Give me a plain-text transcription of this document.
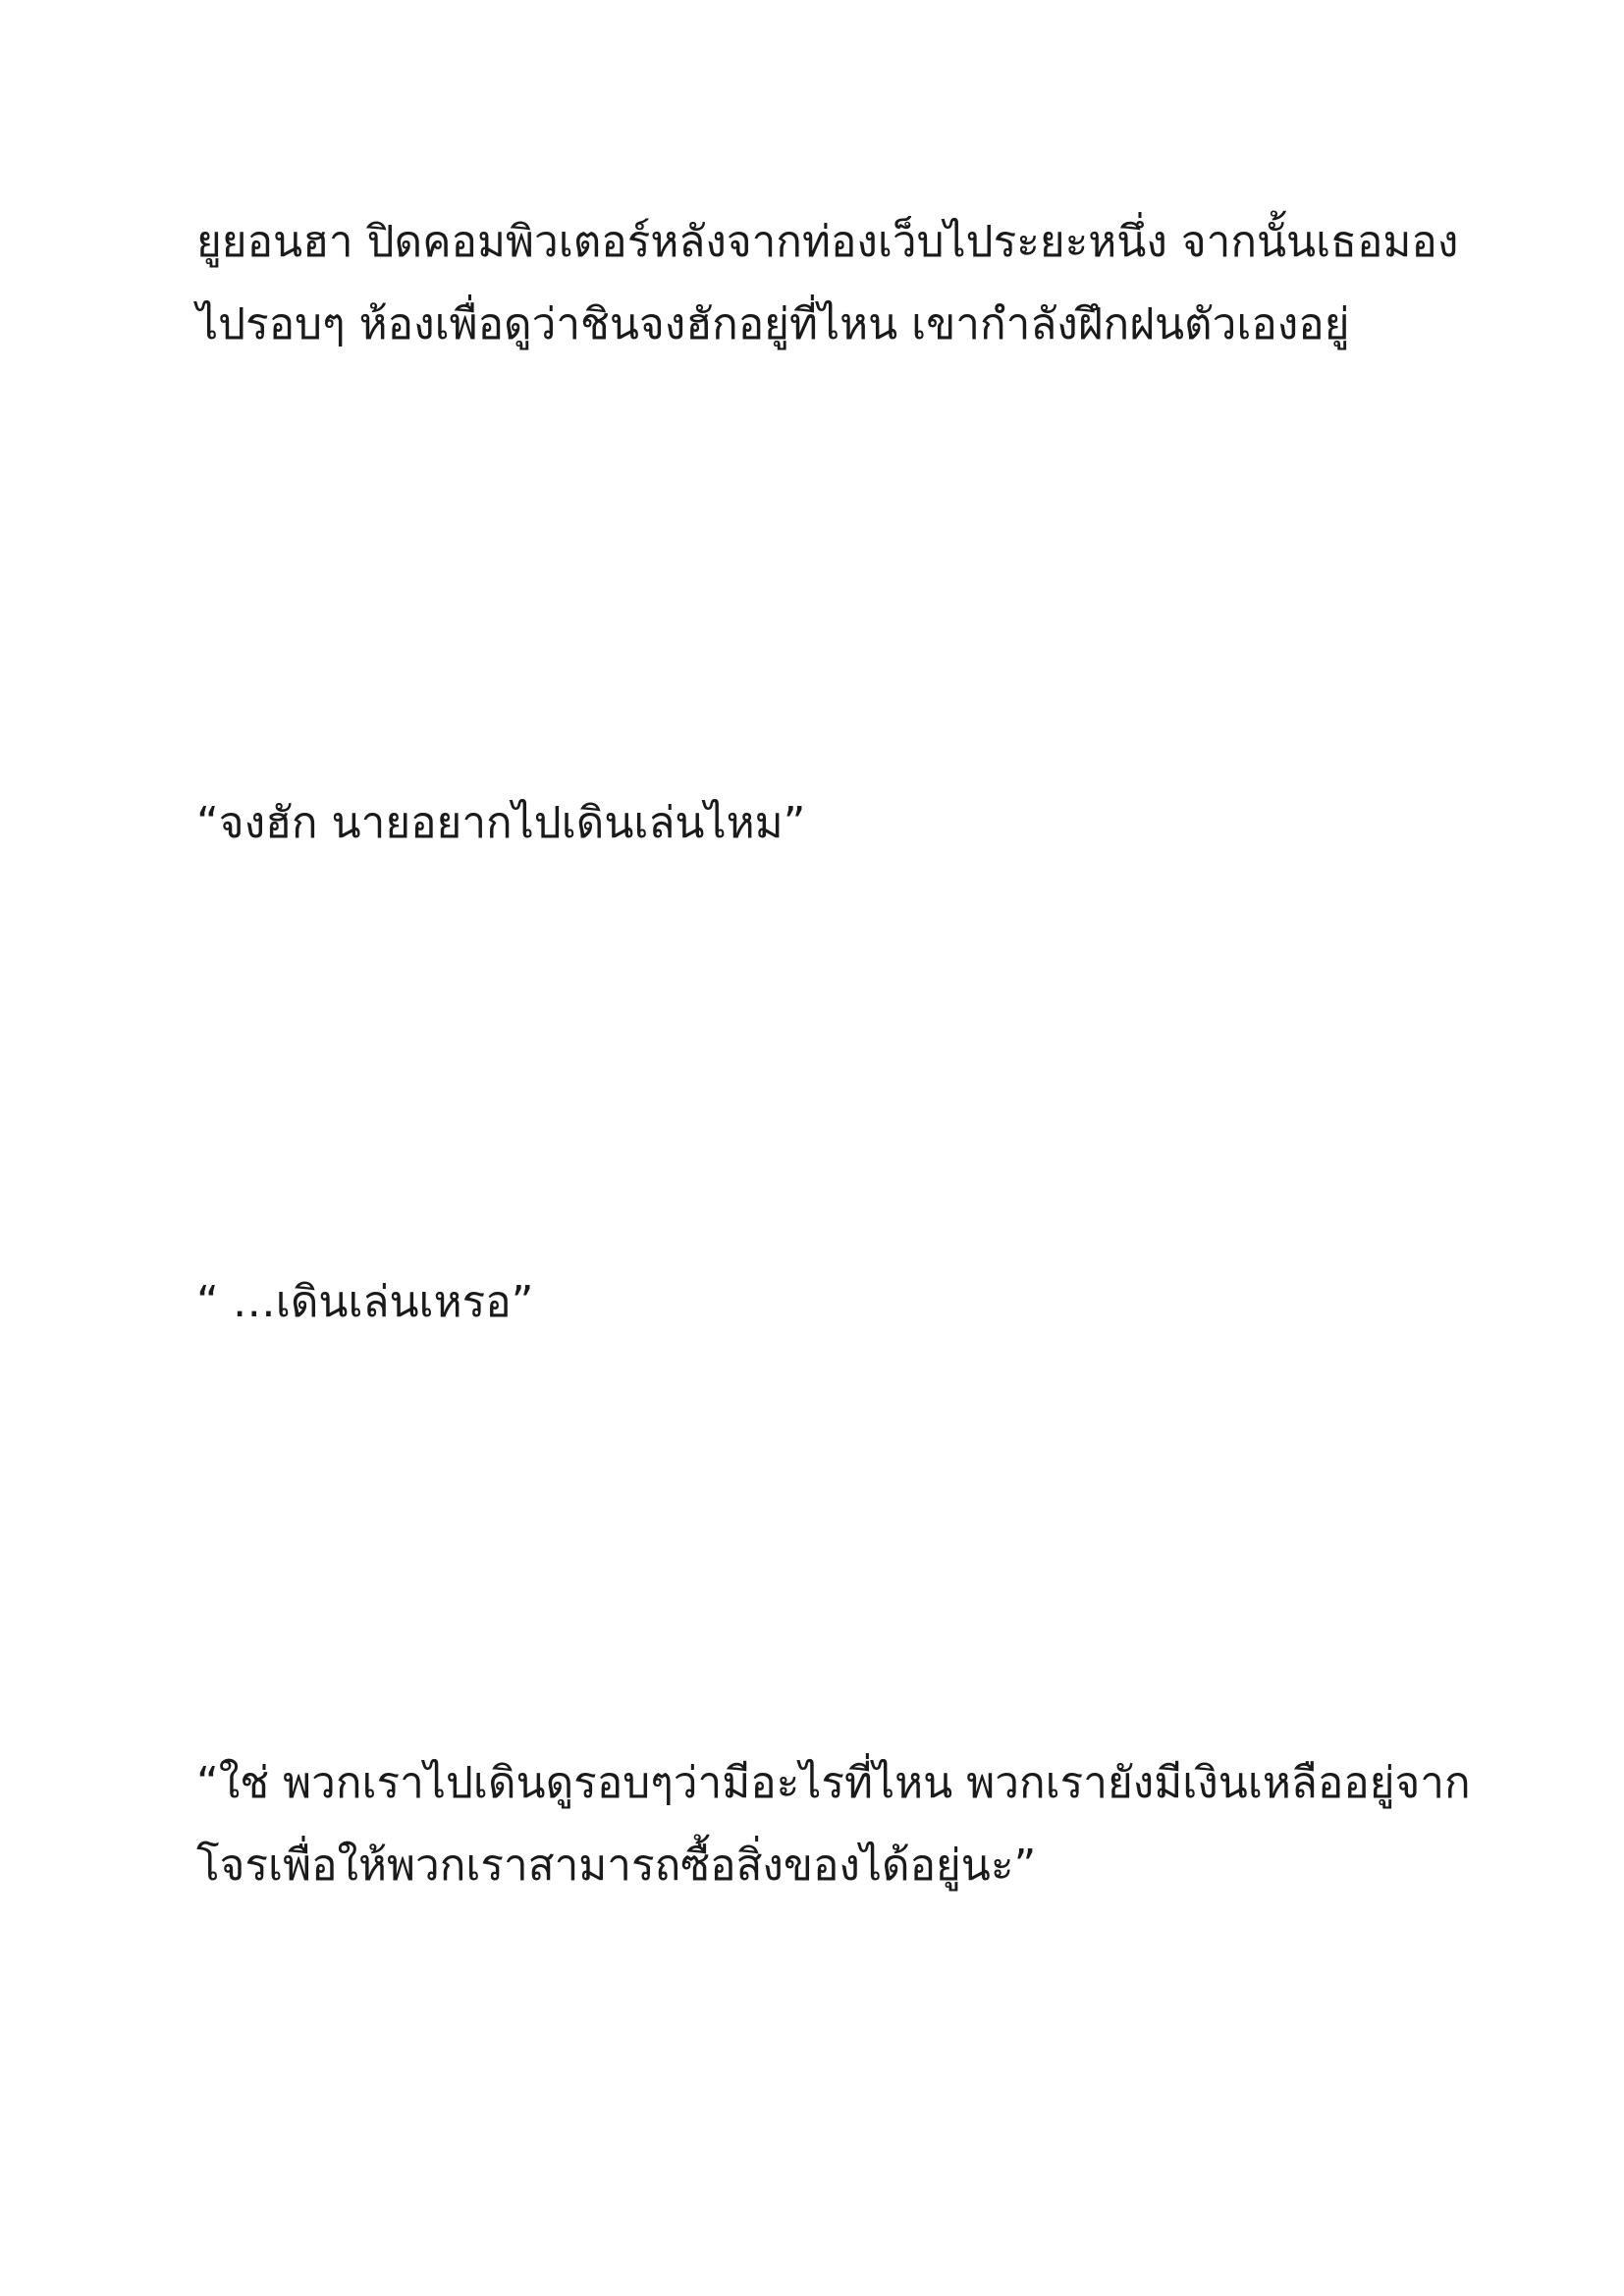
ยูยอนฮา ปิดคอมพิวเตอร์หลังจากท่องเว็บไประยะหนึ่ง จากนั้นเธอมอง
ไปรอบๆ ห้องเพื่อดูว่าชินจงฮักอยู่ที่ไหน เขากำลังฝึกฝนตัวเองอยู่

“จงฮัก นายอยากไปเดินเล่นไหม”

“ …เดินเล่นเหรอ”

“ใช่ พวกเราไปเดินดูรอบๆว่ามีอะไรที่ไหน พวกเรายังมีเงินเหลืออยู่จาก
โจรเพื่อให้พวกเราสามารถซื้อสิ่งของได้อยู่นะ”
